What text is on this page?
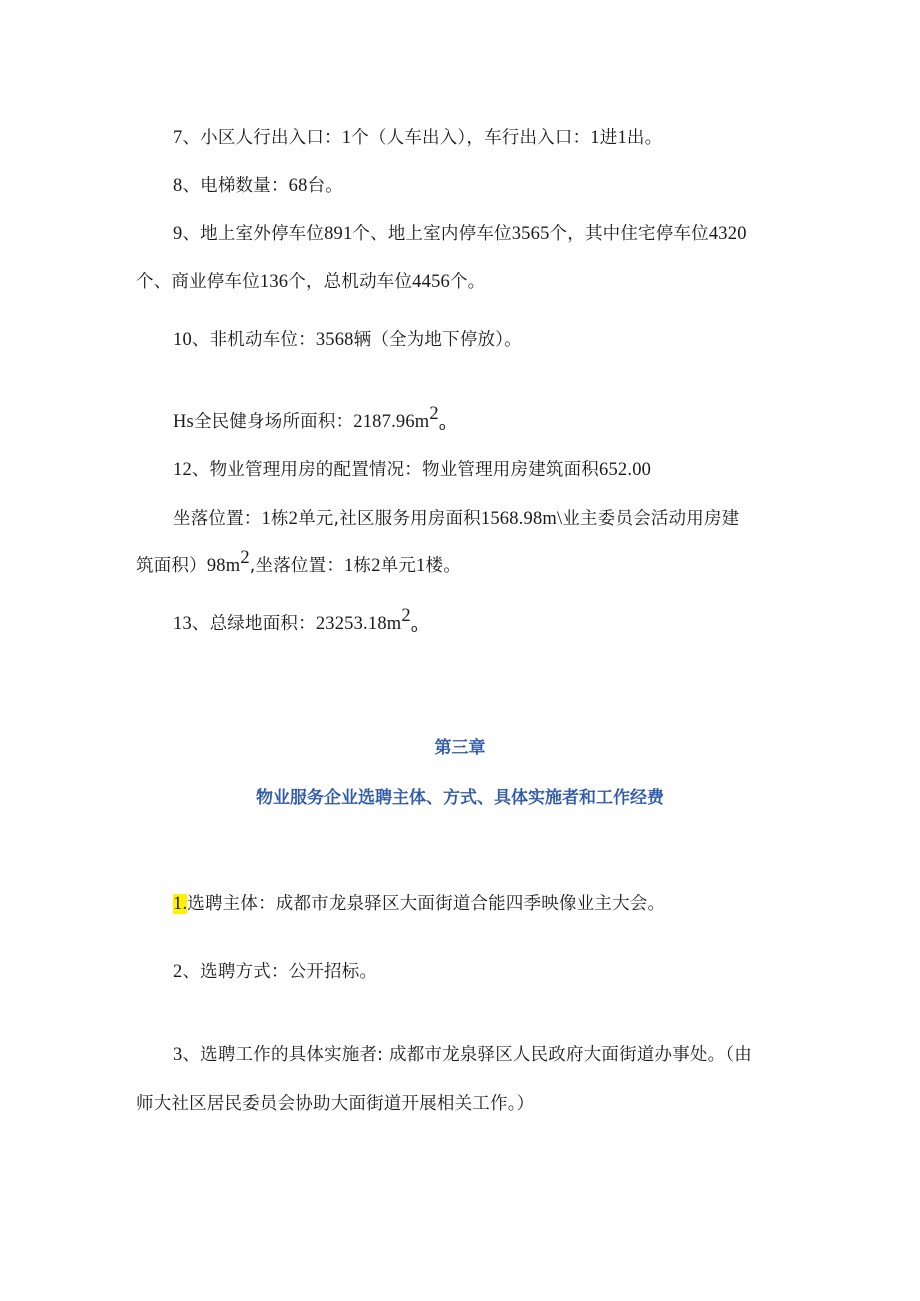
7、小区人行出入口：1个（人车出入），车行出入口：1进1出。
8、电梯数量：68台。
9、地上室外停车位891个、地上室内停车位3565个，其中住宅停车位4320
个、商业停车位136个，总机动车位4456个。
10、非机动车位：3568辆（全为地下停放）。
Hs全民健身场所面积：$2187.96m^2o$
12、物业管理用房的配置情况：物业管理用房建筑面积652.00
坐落位置：1栋2单元,社区服务用房面积1568.98m\业主委员会活动用房建
筑面积）$98m^2$,坐落位置：1栋2单元1楼。
13、总绿地面积：$23253.18m^2o$
第三章
物业服务企业选聘主体、方式、具体实施者和工作经费
1.选聘主体：成都市龙泉驿区大面街道合能四季映像业主大会。
2、选聘方式：公开招标。
3、选聘工作的具体实施者: 成都市龙泉驿区人民政府大面街道办事处。（由
师大社区居民委员会协助大面街道开展相关工作。）
